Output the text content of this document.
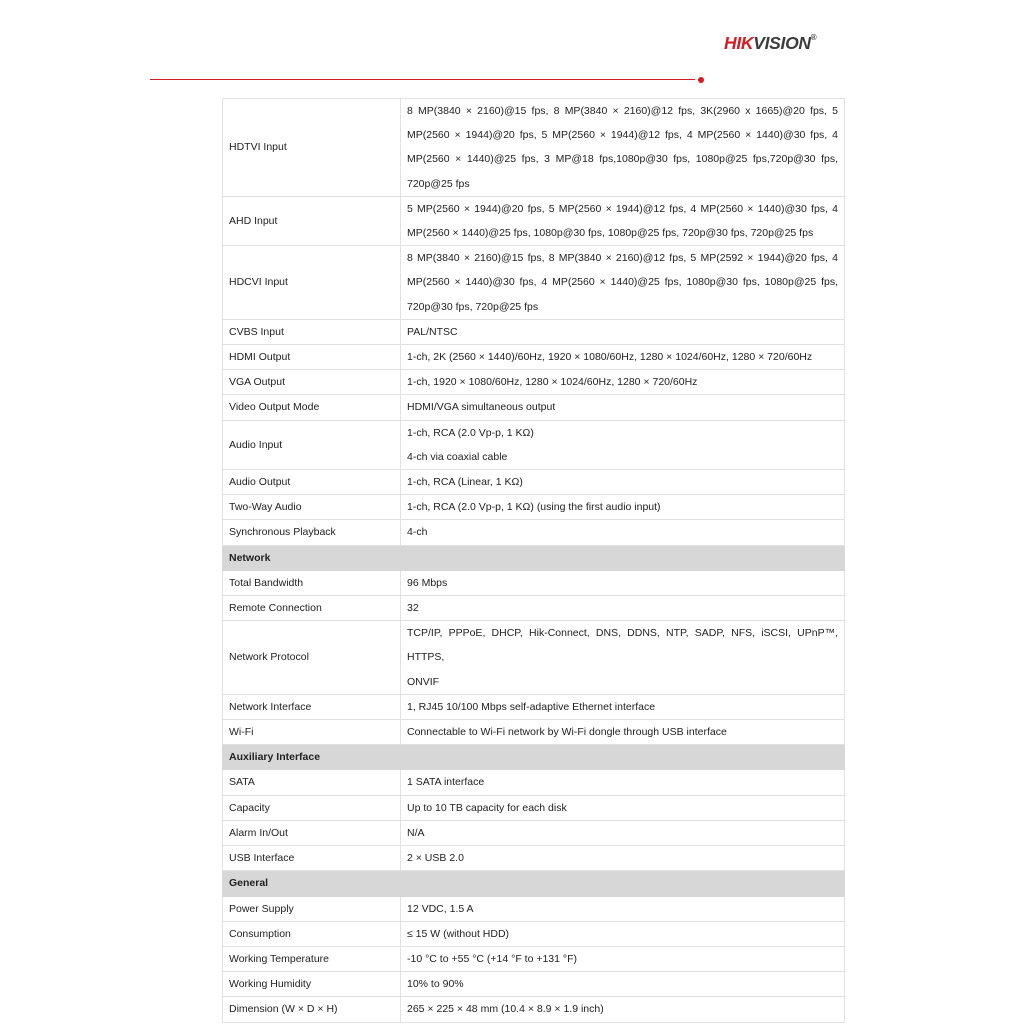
HIKVISION®
HDTVI Input	8 MP(3840 × 2160)@15 fps, 8 MP(3840 × 2160)@12 fps, 3K(2960 x 1665)@20 fps, 5
MP(2560 × 1944)@20 fps, 5 MP(2560 × 1944)@12 fps, 4 MP(2560 × 1440)@30 fps, 4
MP(2560 × 1440)@25 fps, 3 MP@18 fps,1080p@30 fps, 1080p@25 fps,720p@30 fps,
720p@25 fps

AHD Input	5 MP(2560 × 1944)@20 fps, 5 MP(2560 × 1944)@12 fps, 4 MP(2560 × 1440)@30 fps, 4
MP(2560 × 1440)@25 fps, 1080p@30 fps, 1080p@25 fps, 720p@30 fps, 720p@25 fps

HDCVI Input	8 MP(3840 × 2160)@15 fps, 8 MP(3840 × 2160)@12 fps, 5 MP(2592 × 1944)@20 fps, 4
MP(2560 × 1440)@30 fps, 4 MP(2560 × 1440)@25 fps, 1080p@30 fps, 1080p@25 fps,
720p@30 fps, 720p@25 fps

CVBS Input	PAL/NTSC

HDMI Output	1-ch, 2K (2560 × 1440)/60Hz, 1920 × 1080/60Hz, 1280 × 1024/60Hz, 1280 × 720/60Hz

VGA Output	1-ch, 1920 × 1080/60Hz, 1280 × 1024/60Hz, 1280 × 720/60Hz

Video Output Mode	HDMI/VGA simultaneous output

Audio Input	1-ch, RCA (2.0 Vp-p, 1 KΩ)
4-ch via coaxial cable

Audio Output	1-ch, RCA (Linear, 1 KΩ)

Two-Way Audio	1-ch, RCA (2.0 Vp-p, 1 KΩ) (using the first audio input)

Synchronous Playback	4-ch

Network	
Total Bandwidth	96 Mbps

Remote Connection	32

Network Protocol	TCP/IP, PPPoE, DHCP, Hik-Connect, DNS, DDNS, NTP, SADP, NFS, iSCSI, UPnP™, HTTPS,
ONVIF

Network Interface	1, RJ45 10/100 Mbps self-adaptive Ethernet interface

Wi-Fi	Connectable to Wi-Fi network by Wi-Fi dongle through USB interface

Auxiliary Interface	
SATA	1 SATA interface

Capacity	Up to 10 TB capacity for each disk

Alarm In/Out	N/A

USB Interface	2 × USB 2.0

General	
Power Supply	12 VDC, 1.5 A

Consumption	≤ 15 W (without HDD)

Working Temperature	-10 °C to +55 °C (+14 °F to +131 °F)

Working Humidity	10% to 90%

Dimension (W × D × H)	265 × 225 × 48 mm (10.4 × 8.9 × 1.9 inch)
